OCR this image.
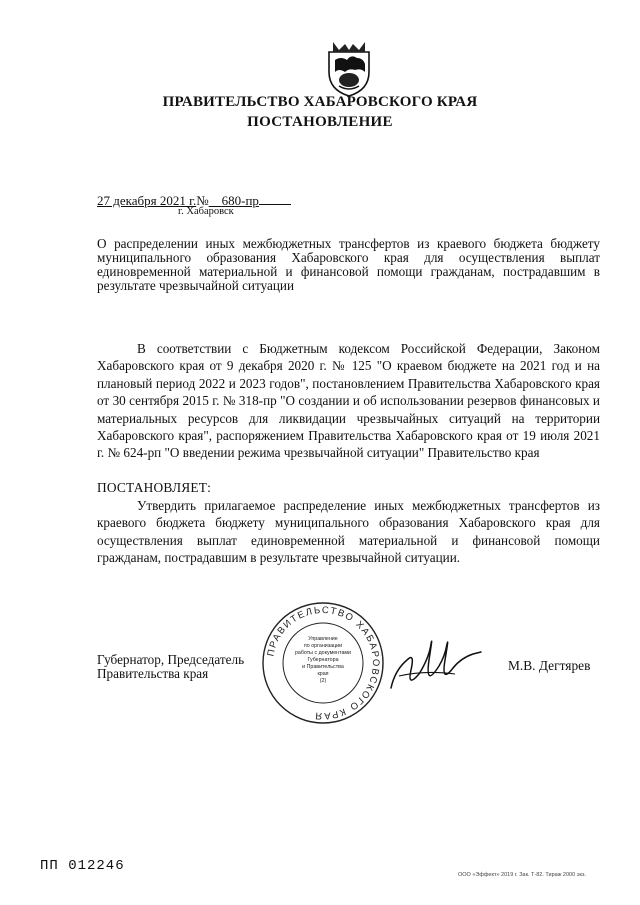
ПРАВИТЕЛЬСТВО ХАБАРОВСКОГО КРАЯ
ПОСТАНОВЛЕНИЕ
27 декабря 2021 г.№ 680-пр
г. Хабаровск
О распределении иных межбюджетных трансфертов из краевого бюджета бюджету муниципального образования Хабаровского края для осуществления выплат единовременной материальной и финансовой помощи гражданам, пострадавшим в результате чрезвычайной ситуации
В соответствии с Бюджетным кодексом Российской Федерации, Законом Хабаровского края от 9 декабря 2020 г. № 125 "О краевом бюджете на 2021 год и на плановый период 2022 и 2023 годов", постановлением Правительства Хабаровского края от 30 сентября 2015 г. № 318-пр "О создании и об использовании резервов финансовых и материальных ресурсов для ликвидации чрезвычайных ситуаций на территории Хабаровского края", распоряжением Правительства Хабаровского края от 19 июля 2021 г. № 624-рп "О введении режима чрезвычайной ситуации" Правительство края
ПОСТАНОВЛЯЕТ:
Утвердить прилагаемое распределение иных межбюджетных трансфертов из краевого бюджета бюджету муниципального образования Хабаровского края для осуществления выплат единовременной материальной и финансовой помощи гражданам, пострадавшим в результате чрезвычайной ситуации.
Губернатор, Председатель
Правительства края
М.В. Дегтярев
ПРАВИТЕЛЬСТВО ХАБАРОВСКОГО КРАЯ
Управление
по организации
работы с документами
Губернатора
и Правительства
края
(2)
ПП 012246
ООО «Эффект» 2019 г. Зак. Т-82. Тираж 2000 экз.
